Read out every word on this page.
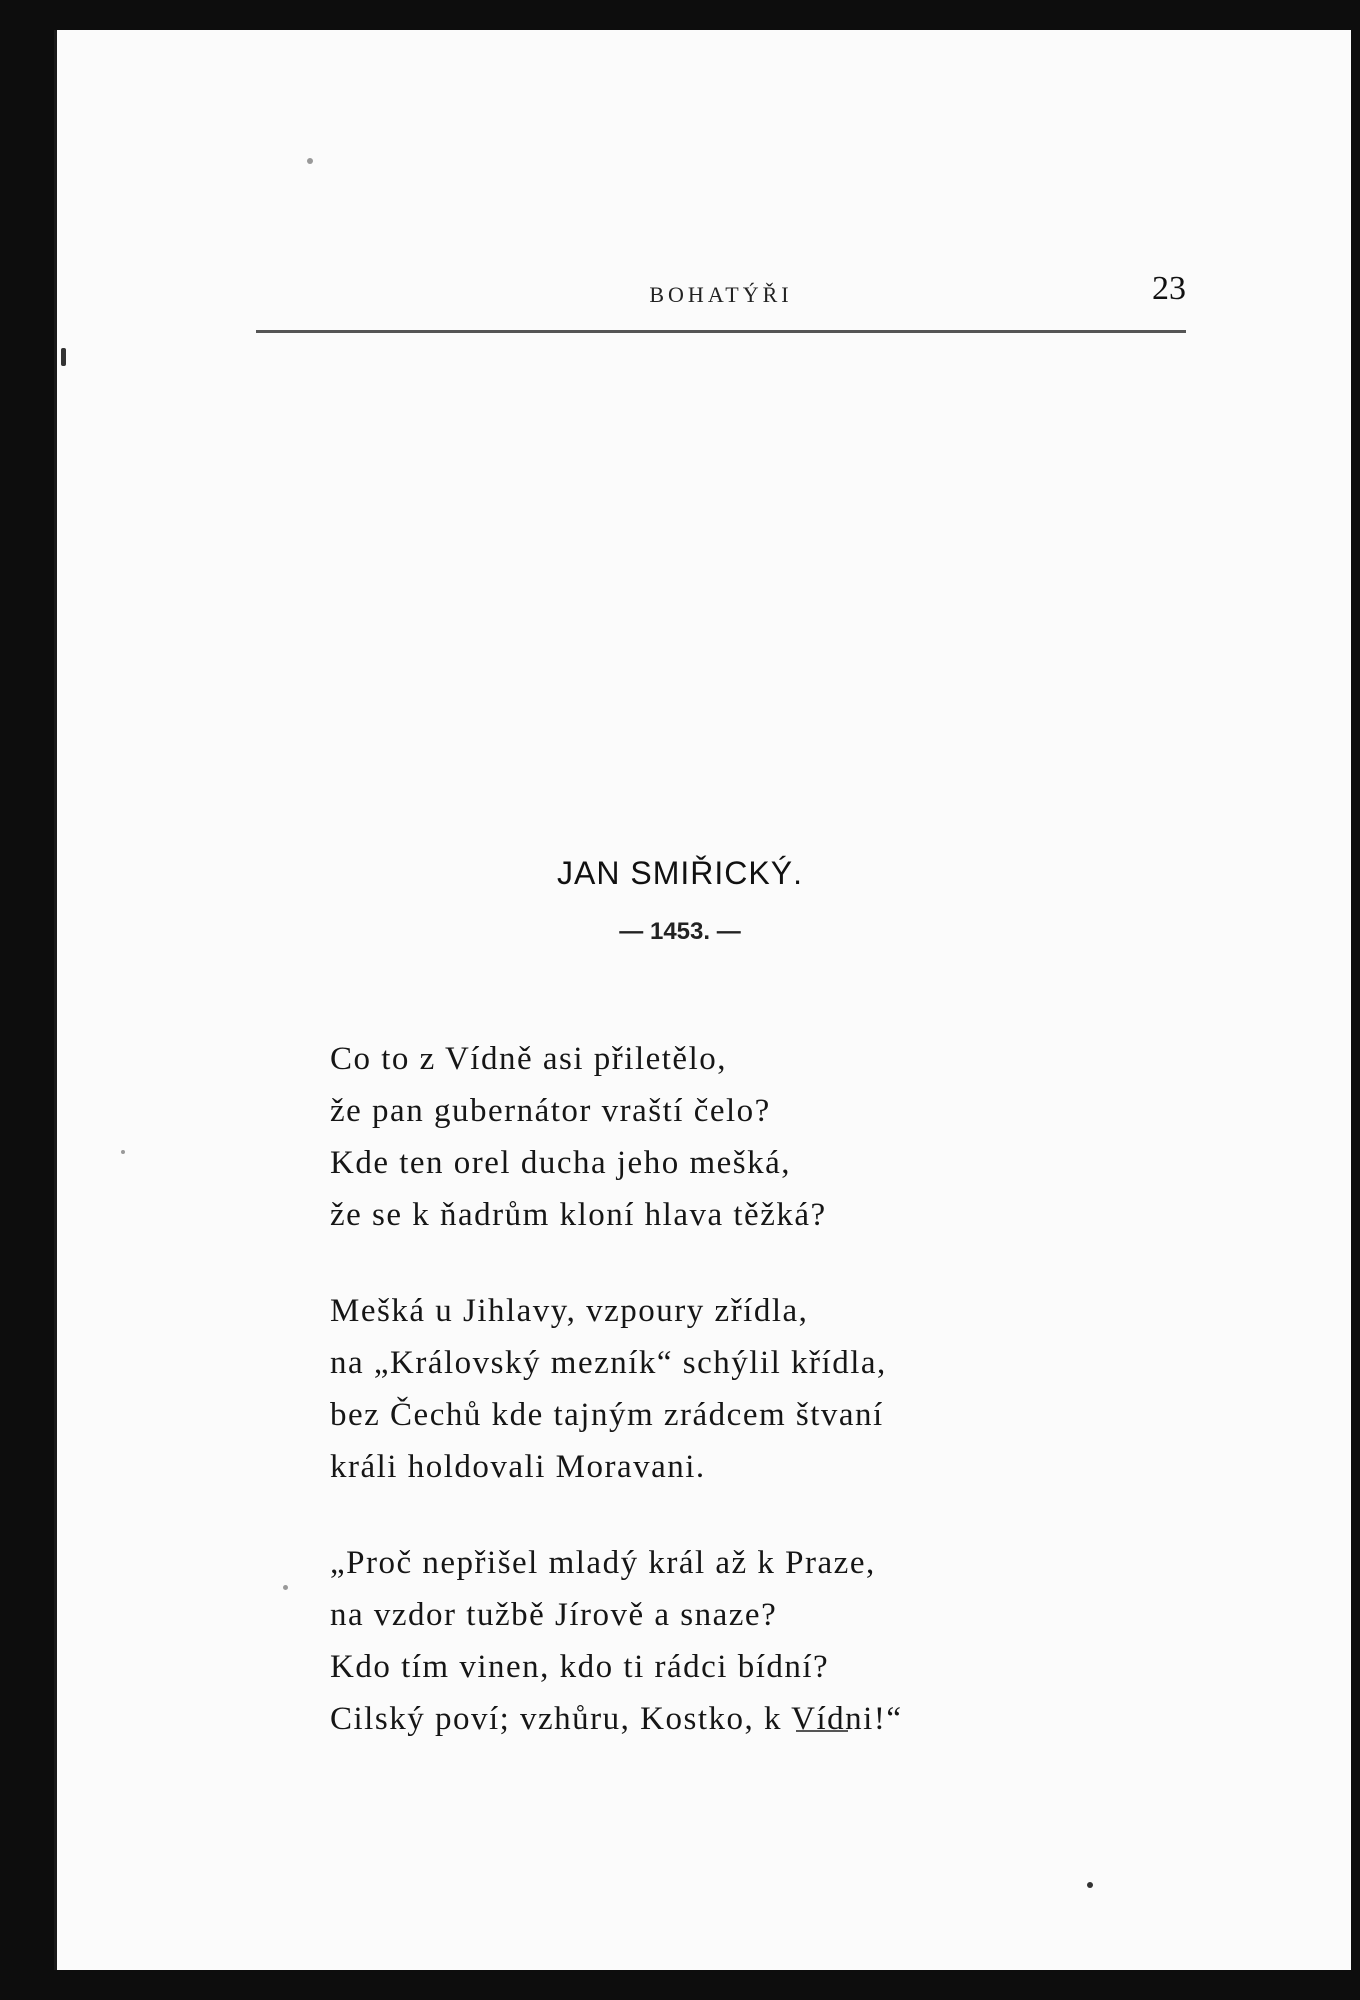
BOHATÝŘI	23
JAN SMIŘICKÝ.
— 1453. —
Co to z Vídně asi přiletělo,
že pan gubernátor vraští čelo?
Kde ten orel ducha jeho mešká,
že se k ňadrům kloní hlava těžká?
Mešká u Jihlavy, vzpoury zřídla,
na „Královský mezník“ schýlil křídla,
bez Čechů kde tajným zrádcem štvaní
králi holdovali Moravani.
„Proč nepřišel mladý král až k Praze,
na vzdor tužbě Jírově a snaze?
Kdo tím vinen, kdo ti rádci bídní?
Cilský poví; vzhůru, Kostko, k Vídni!“
